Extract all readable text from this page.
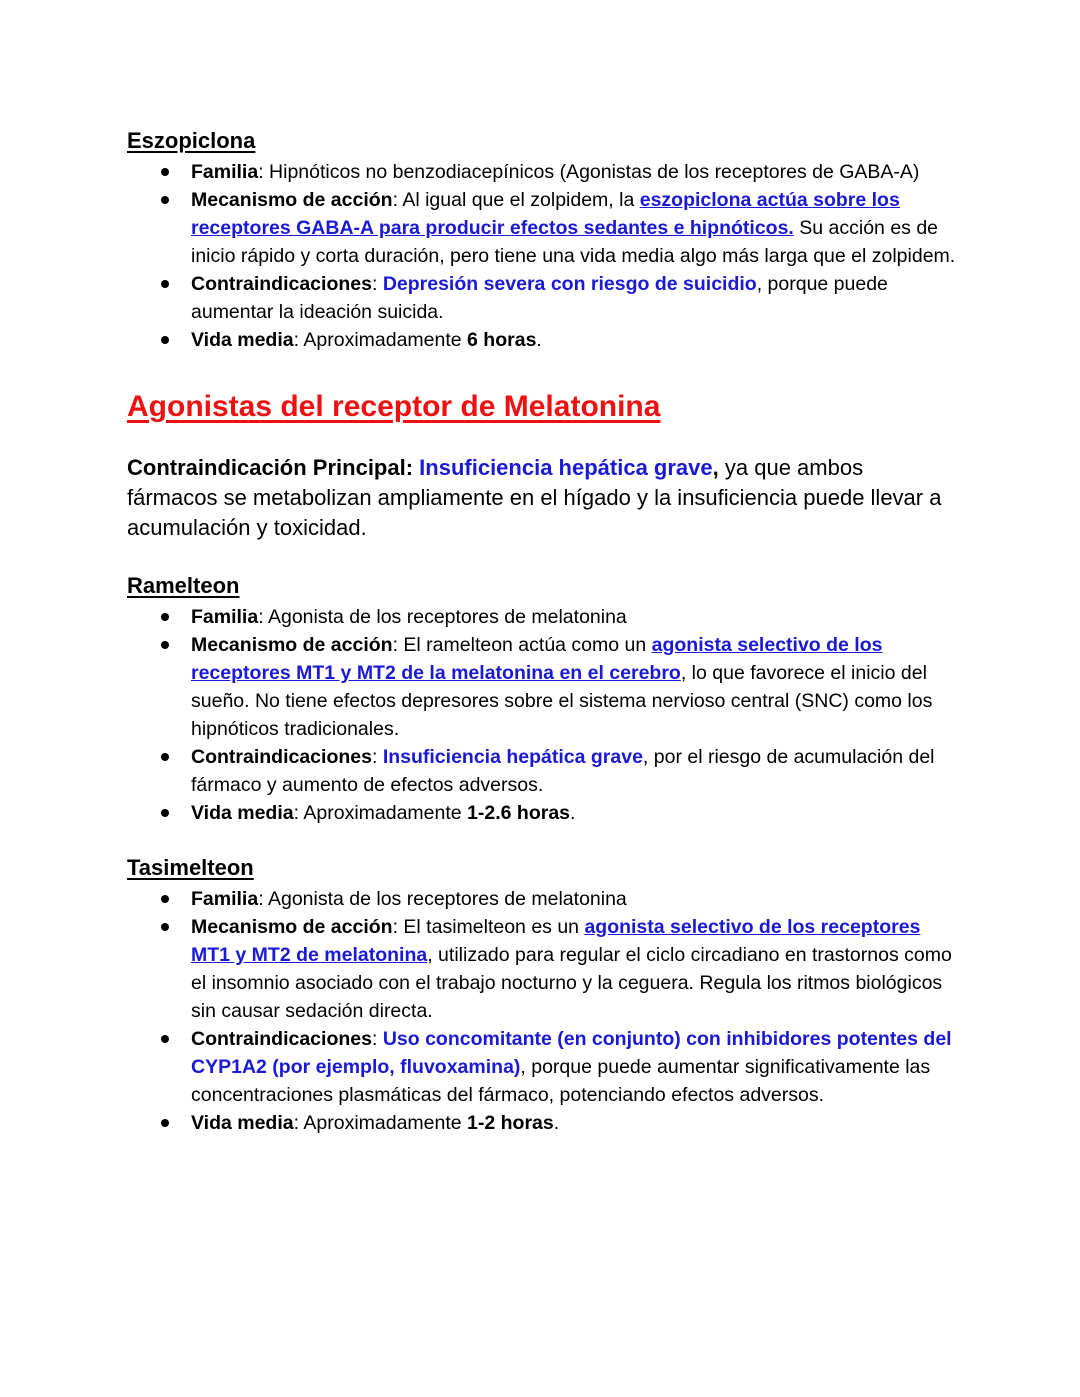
Eszopiclona
Familia: Hipnóticos no benzodiacepínicos (Agonistas de los receptores de GABA-A)
Mecanismo de acción: Al igual que el zolpidem, la eszopiclona actúa sobre los receptores GABA-A para producir efectos sedantes e hipnóticos. Su acción es de inicio rápido y corta duración, pero tiene una vida media algo más larga que el zolpidem.
Contraindicaciones: Depresión severa con riesgo de suicidio, porque puede aumentar la ideación suicida.
Vida media: Aproximadamente 6 horas.
Agonistas del receptor de Melatonina

Contraindicación Principal: Insuficiencia hepática grave, ya que ambos fármacos se metabolizan ampliamente en el hígado y la insuficiencia puede llevar a acumulación y toxicidad.

Ramelteon
Familia: Agonista de los receptores de melatonina
Mecanismo de acción: El ramelteon actúa como un agonista selectivo de los receptores MT1 y MT2 de la melatonina en el cerebro, lo que favorece el inicio del sueño. No tiene efectos depresores sobre el sistema nervioso central (SNC) como los hipnóticos tradicionales.
Contraindicaciones: Insuficiencia hepática grave, por el riesgo de acumulación del fármaco y aumento de efectos adversos.
Vida media: Aproximadamente 1-2.6 horas.
Tasimelteon
Familia: Agonista de los receptores de melatonina
Mecanismo de acción: El tasimelteon es un agonista selectivo de los receptores MT1 y MT2 de melatonina, utilizado para regular el ciclo circadiano en trastornos como el insomnio asociado con el trabajo nocturno y la ceguera. Regula los ritmos biológicos sin causar sedación directa.
Contraindicaciones: Uso concomitante (en conjunto) con inhibidores potentes del CYP1A2 (por ejemplo, fluvoxamina), porque puede aumentar significativamente las concentraciones plasmáticas del fármaco, potenciando efectos adversos.
Vida media: Aproximadamente 1-2 horas.
